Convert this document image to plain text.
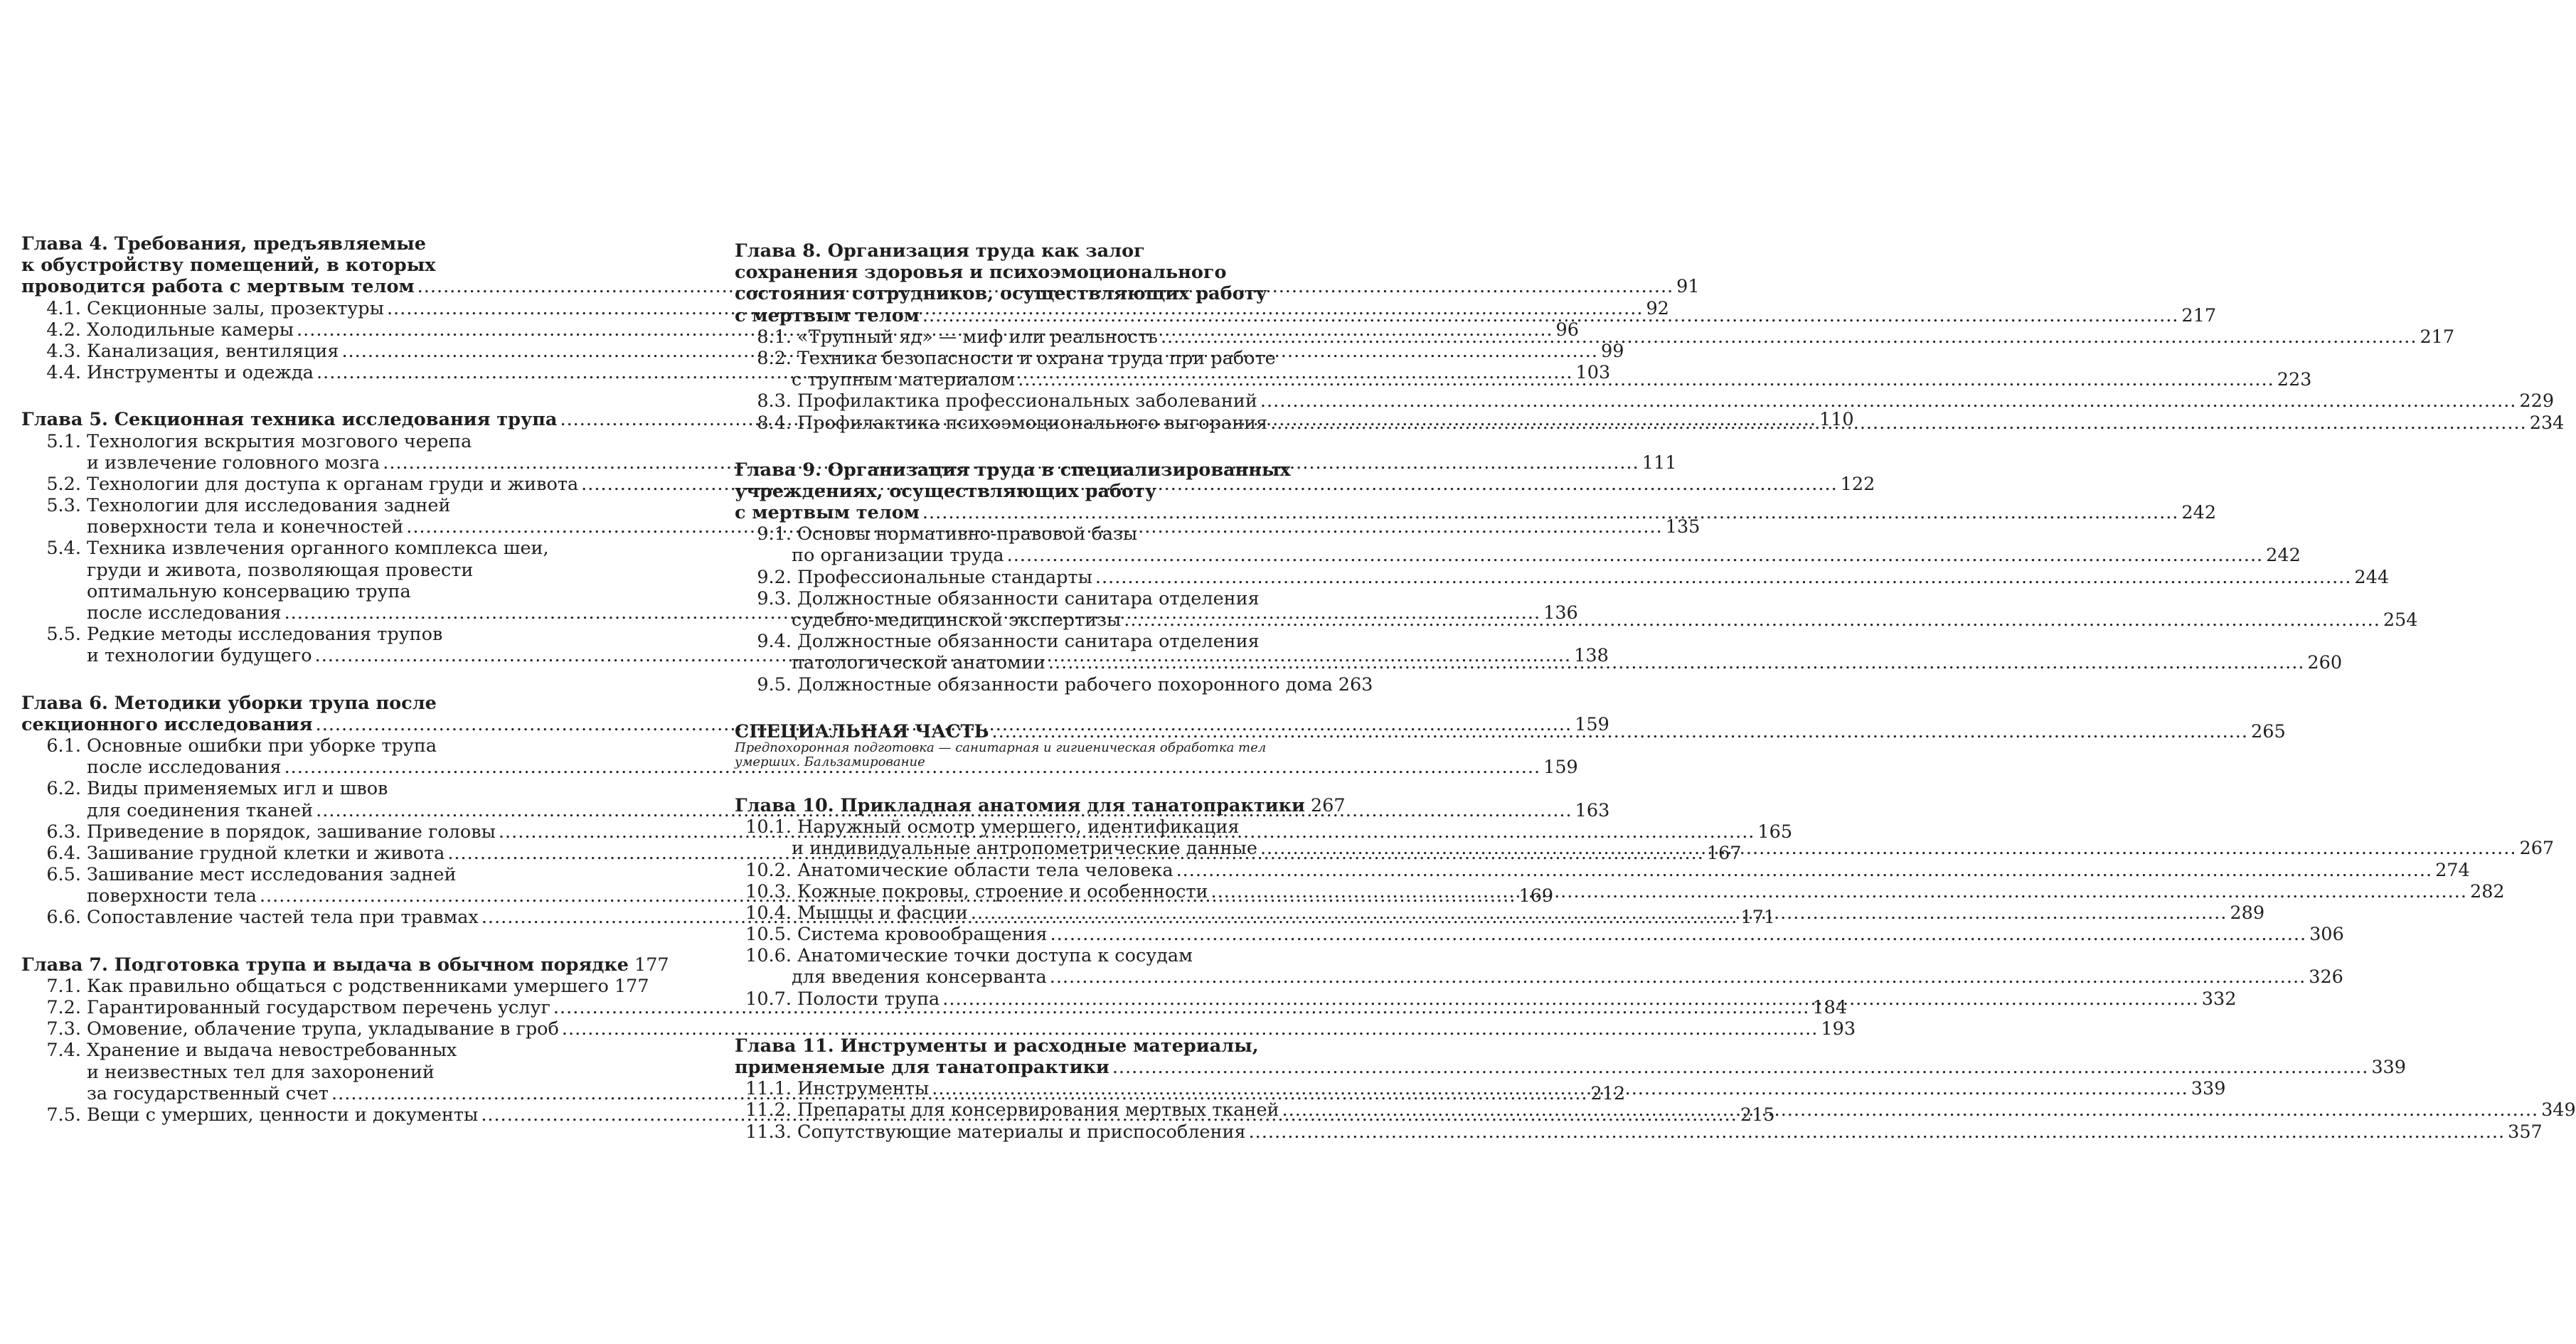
Глава 4. Требования, предъявляемые
к обустройству помещений, в которых
проводится работа с мертвым телом .....	91
4.1. Секционные залы, прозектуры .....	92
4.2. Холодильные камеры .....	96
4.3. Канализация, вентиляция .....	99
4.4. Инструменты и одежда .....	103
Глава 5. Секционная техника исследования трупа .....	110
5.1. Технология вскрытия мозгового черепа
и извлечение головного мозга .....	111
5.2. Технологии для доступа к органам груди и живота .....	122
5.3. Технологии для исследования задней
поверхности тела и конечностей .....	135
5.4. Техника извлечения органного комплекса шеи,
груди и живота, позволяющая провести
оптимальную консервацию трупа
после исследования .....	136
5.5. Редкие методы исследования трупов
и технологии будущего .....	138
Глава 6. Методики уборки трупа после
секционного исследования .....	159
6.1. Основные ошибки при уборке трупа
после исследования .....	159
6.2. Виды применяемых игл и швов
для соединения тканей .....	163
6.3. Приведение в порядок, зашивание головы .....	165
6.4. Зашивание грудной клетки и живота .....	167
6.5. Зашивание мест исследования задней
поверхности тела .....	169
6.6. Сопоставление частей тела при травмах .....	171
Глава 7. Подготовка трупа и выдача в обычном порядке 177
7.1. Как правильно общаться с родственниками умершего 177
7.2. Гарантированный государством перечень услуг .....	184
7.3. Омовение, облачение трупа, укладывание в гроб .....	193
7.4. Хранение и выдача невостребованных
и неизвестных тел для захоронений
за государственный счет .....	212
7.5. Вещи с умерших, ценности и документы .....	215
Глава 8. Организация труда как залог
сохранения здоровья и психоэмоционального
состояния сотрудников, осуществляющих работу
с мертвым телом .....	217
8.1. «Трупный яд» — миф или реальность .....	217
8.2. Техника безопасности и охрана труда при работе
с трупным материалом .....	223
8.3. Профилактика профессиональных заболеваний .....	229
8.4. Профилактика психоэмоционального выгорания .....	234
Глава 9. Организация труда в специализированных
учреждениях, осуществляющих работу
с мертвым телом .....	242
9.1. Основы нормативно-правовой базы
по организации труда .....	242
9.2. Профессиональные стандарты .....	244
9.3. Должностные обязанности санитара отделения
судебно-медицинской экспертизы .....	254
9.4. Должностные обязанности санитара отделения
патологической анатомии .....	260
9.5. Должностные обязанности рабочего похоронного дома 263
СПЕЦИАЛЬНАЯ ЧАСТЬ .....	265
Предпохоронная подготовка — санитарная и гигиеническая обработка тел умерших. Бальзамирование
Глава 10. Прикладная анатомия для танатопрактики 267
10.1. Наружный осмотр умершего, идентификация
и индивидуальные антропометрические данные .....	267
10.2. Анатомические области тела человека .....	274
10.3. Кожные покровы, строение и особенности .....	282
10.4. Мышцы и фасции .....	289
10.5. Система кровообращения .....	306
10.6. Анатомические точки доступа к сосудам
для введения консерванта .....	326
10.7. Полости трупа .....	332
Глава 11. Инструменты и расходные материалы,
применяемые для танатопрактики .....	339
11.1. Инструменты .....	339
11.2. Препараты для консервирования мертвых тканей .....	349
11.3. Сопутствующие материалы и приспособления .....	357
